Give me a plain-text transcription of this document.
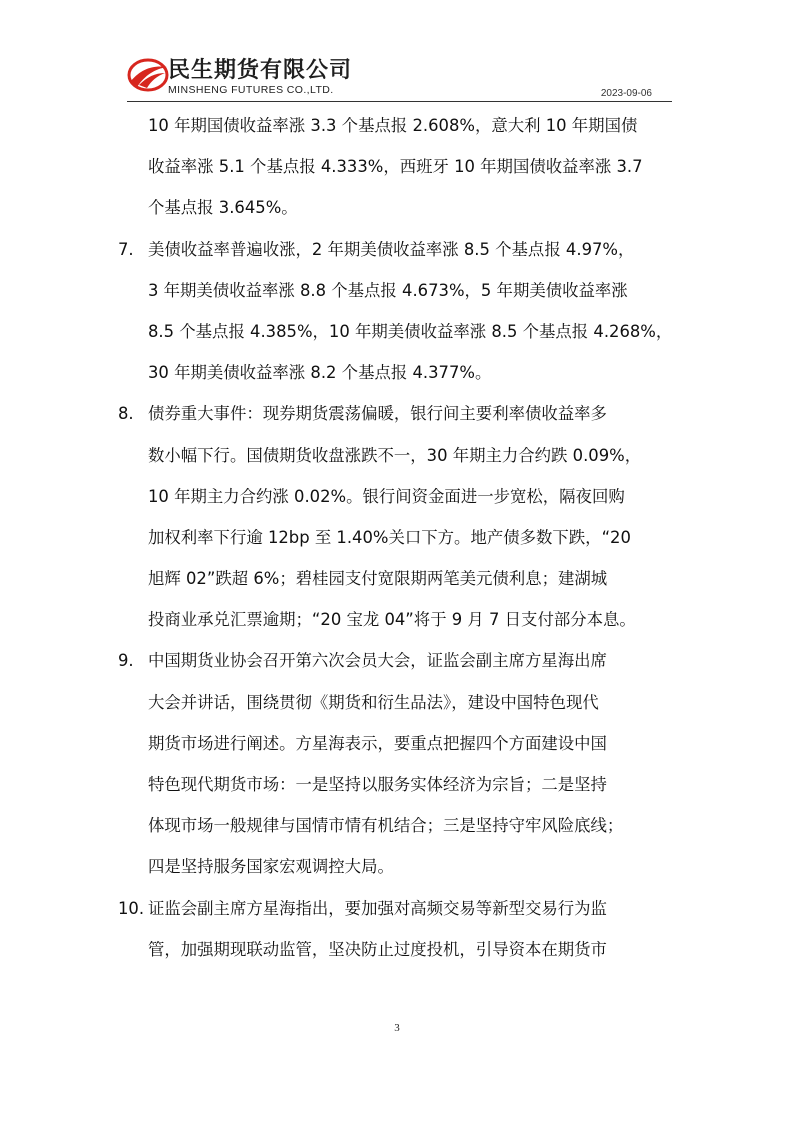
民生期货有限公司
MINSHENG FUTURES CO.,LTD.	2023-09-06
10 年期国债收益率涨 3.3 个基点报 2.608%，意大利 10 年期国债
收益率涨 5.1 个基点报 4.333%，西班牙 10 年期国债收益率涨 3.7
个基点报 3.645%。
7. 美债收益率普遍收涨，2 年期美债收益率涨 8.5 个基点报 4.97%，
3 年期美债收益率涨 8.8 个基点报 4.673%，5 年期美债收益率涨
8.5 个基点报 4.385%，10 年期美债收益率涨 8.5 个基点报 4.268%，
30 年期美债收益率涨 8.2 个基点报 4.377%。
8. 债券重大事件：现券期货震荡偏暖，银行间主要利率债收益率多
数小幅下行。国债期货收盘涨跌不一，30 年期主力合约跌 0.09%，
10 年期主力合约涨 0.02%。银行间资金面进一步宽松，隔夜回购
加权利率下行逾 12bp 至 1.40%关口下方。地产债多数下跌，“20
旭辉 02”跌超 6%；碧桂园支付宽限期两笔美元债利息；建湖城
投商业承兑汇票逾期；“20 宝龙 04”将于 9 月 7 日支付部分本息。
9. 中国期货业协会召开第六次会员大会，证监会副主席方星海出席
大会并讲话，围绕贯彻《期货和衍生品法》，建设中国特色现代
期货市场进行阐述。方星海表示，要重点把握四个方面建设中国
特色现代期货市场：一是坚持以服务实体经济为宗旨；二是坚持
体现市场一般规律与国情市情有机结合；三是坚持守牢风险底线；
四是坚持服务国家宏观调控大局。
10. 证监会副主席方星海指出，要加强对高频交易等新型交易行为监
管，加强期现联动监管，坚决防止过度投机，引导资本在期货市
3
